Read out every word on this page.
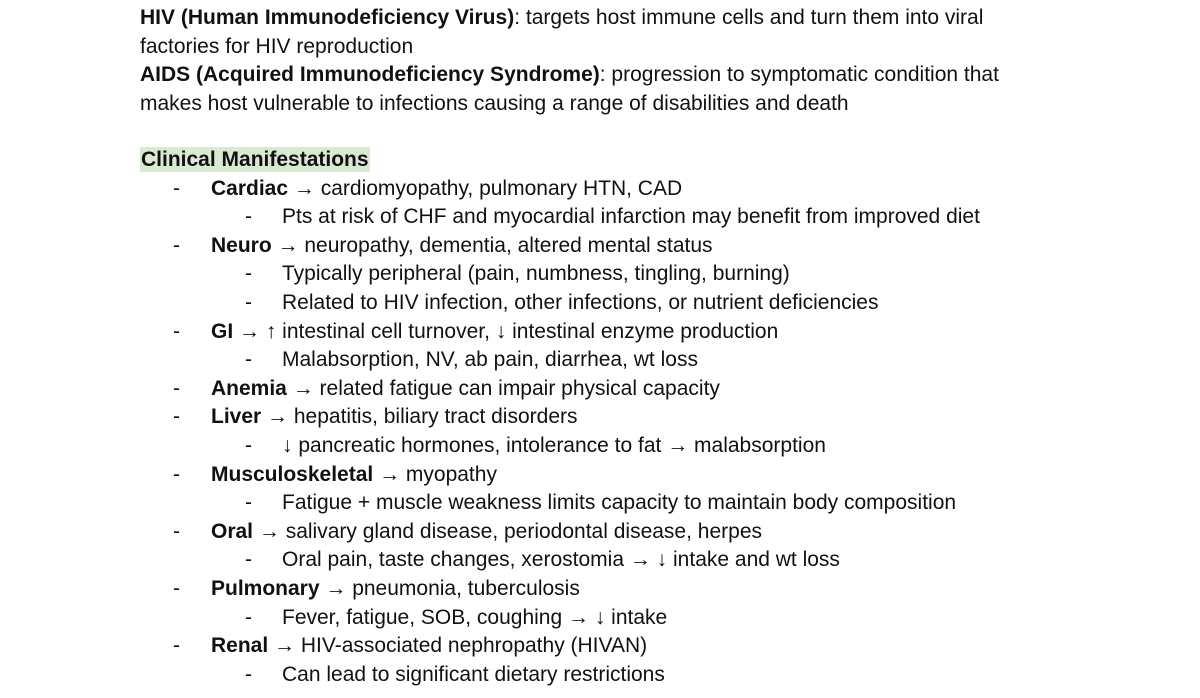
HIV (Human Immunodeficiency Virus): targets host immune cells and turn them into viral
factories for HIV reproduction
AIDS (Acquired Immunodeficiency Syndrome): progression to symptomatic condition that
makes host vulnerable to infections causing a range of disabilities and death
Clinical Manifestations
- Cardiac → cardiomyopathy, pulmonary HTN, CAD
- Pts at risk of CHF and myocardial infarction may benefit from improved diet
- Neuro → neuropathy, dementia, altered mental status
- Typically peripheral (pain, numbness, tingling, burning)
- Related to HIV infection, other infections, or nutrient deficiencies
- GI → ↑ intestinal cell turnover, ↓ intestinal enzyme production
- Malabsorption, NV, ab pain, diarrhea, wt loss
- Anemia → related fatigue can impair physical capacity
- Liver → hepatitis, biliary tract disorders
- ↓ pancreatic hormones, intolerance to fat → malabsorption
- Musculoskeletal → myopathy
- Fatigue + muscle weakness limits capacity to maintain body composition
- Oral → salivary gland disease, periodontal disease, herpes
- Oral pain, taste changes, xerostomia → ↓ intake and wt loss
- Pulmonary → pneumonia, tuberculosis
- Fever, fatigue, SOB, coughing → ↓ intake
- Renal → HIV-associated nephropathy (HIVAN)
- Can lead to significant dietary restrictions
